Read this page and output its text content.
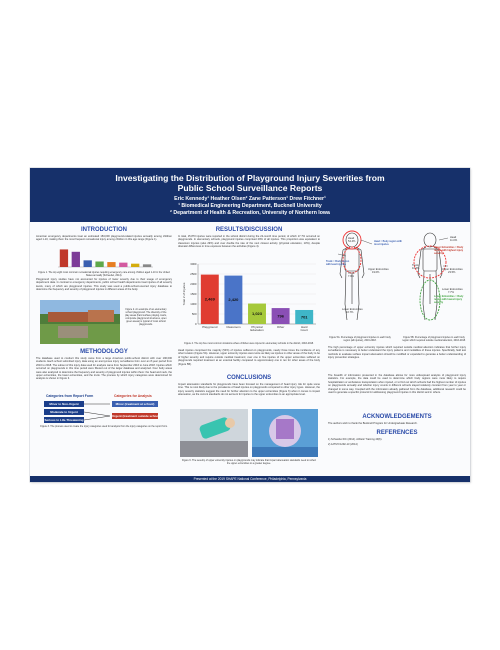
Investigating the Distribution of Playground Injury Severities from
Public School Surveillance Reports
Eric Kennedy¹ Heather Olsen² Zane Patterson¹ Drew Fitchner¹
¹ Biomedical Engineering Department, Bucknell University
² Department of Health & Recreation, University of Northern Iowa
INTRODUCTION
American emergency departments treat an estimated 184,000 playground-related injuries annually among children aged 1-10, making them the most frequent recreational injury among children in this age range (Figure 1).
Figure 1. The top eight most common recreational injuries requiring emergency care among children aged 1-10 in the United States annually (Schwebel, 2014).
Playground injury studies have not accounted for injuries of lower severity due to their usage of emergency department data. In contrast to emergency departments, public school health departments treat injuries of all severity levels, many of which are playground injuries. This study was used a public-school-sourced injury database to determine the frequency and severity of playground injuries in different areas of the body.
Figure 2. An example of an elementary school playground. The diversity of the play areas (hard surface playing courts, composite playground structures, open green areas) is typical of most school playgrounds.
METHODOLOGY
The database used to conduct this study came from a large American public-school district with over 190,000 students. Each school submitted injury data using an anonymous injury surveillance form over an 8-year period from 2010 to 2018. The subset of this injury data used for analysis came from September 2016 to June 2018. Injuries which occurred on playgrounds in this time period were filtered out of the larger database and analyzed. Four body areas were also analyzed to determine the frequency and severity of playground injuries within them: the head and neck, the upper extremities, the lower extremities, and the trunk. The process by which injury categories were determined for analysis is shown in Figure 3.
Categories from Report Form	Categories for Analysis
Minor to Non-Urgent
Moderate to Urgent
Serious to Life-Threatening
Minor (treatment at school)
Urgent (treatment outside school)
Figure 3. The process used to create the injury categories used for analysis from the injury categories on the report form.
RESULTS/DISCUSSION
In total, 15,870 injuries were reported in the school district during the 22-month time period, of which 17.7% occurred on playgrounds. In elementary schools, playground injuries comprised 29% of all injuries. This proportion was equivalent to classroom injuries (also 29%) and over double the rate of the next closest activity (physical education, 13%), despite dramatic differences in time exposure between the activities (Figure 4).
0
500
1000
1500
2000
2500
3000
Total # of Injuries	2,469
Playground
2,420
Classroom
1,023
Physical
Education
796
Other
701
Hard
Court
Figure 4. The top five most common locations where children were injured in elementary schools in the district, 2016-2018.
Head injuries comprised the majority (54%) of injuries suffered on playgrounds, nearly three times the incidence of any other location (Figure 5A). However, upper extremity injuries were twice as likely as injuries in other areas of the body to be of higher severity and require outside medical treatment; over one in five injuries of the upper extremities suffered on playgrounds required treatment at an external facility compared to approximately one in ten for other areas of the body (Figure 5B).
CONCLUSIONS
Impact attenuation standards for playgrounds have been focused on the management of head injury risk for quite some time. This is most likely due to the prevalence of head injuries on playgrounds compared to other injury types. However, the injury severity statistics suggest the need for further attention to the upper extremities (Figure 6) when it comes to impact attenuation, as the current standards do not account for injuries to the upper extremities to an appropriate level.
Figure 6. The severity of upper extremity injuries on playgrounds may indicate that impact attenuation standards need to reflect the upper extremities to a greater degree.
Head
54.4%	Head = Body region with most injuries
Trunk = Body region with least injuries
Trunk
7.9%
Upper Extremities
19.0%
Lower Extremities
16.7%
Head
11.0%
Trunk
10.6%
Upper Extremities = Body region with highest injury severity
Upper Extremities
23.5%
Lower Extremities
7.7%
Lower Extremities = Body region with lowest injury severity
Figure 5A. Percentage of playground injuries in each body region (all injuries), 2016-2018.
Figure 5B. Percentage of playground injuries in each body region which required outside medical attention, 2016-2018.
The high percentage of upper extremity injuries which required outside medical attention indicates that further injury surveillance is necessary to better understand the injury patterns and modalities of these injuries. Specifically, field test methods to evaluate surface impact attenuation should be modified or expanded to generate a better understanding of injury prevention strategies.
The breadth of information presented in the database allows for more widespread analysis of playground injury statistics. For example, the data could be used to determine which body regions were more likely to require hospitalization or ambulance transportation when injured, or to find out which schools had the highest number of injuries on playgrounds annually and whether injury counts in different schools stayed relatively constant from year to year or changed in some way. Coupled with the information already gathered from the database, additional research could be used to generate a specific protocol for addressing playground injuries in this district and in others.
ACKNOWLEDGEMENTS
The authors wish to thank the Bucknell Program for Undergraduate Research.
REFERENCES
1) Schwebel DC (2014). Athletic Training 49(6).
2) AJTM F1292-13 (2014)
Presented at the 2019 SHAPE National Conference, Philadelphia, Pennsylvania
